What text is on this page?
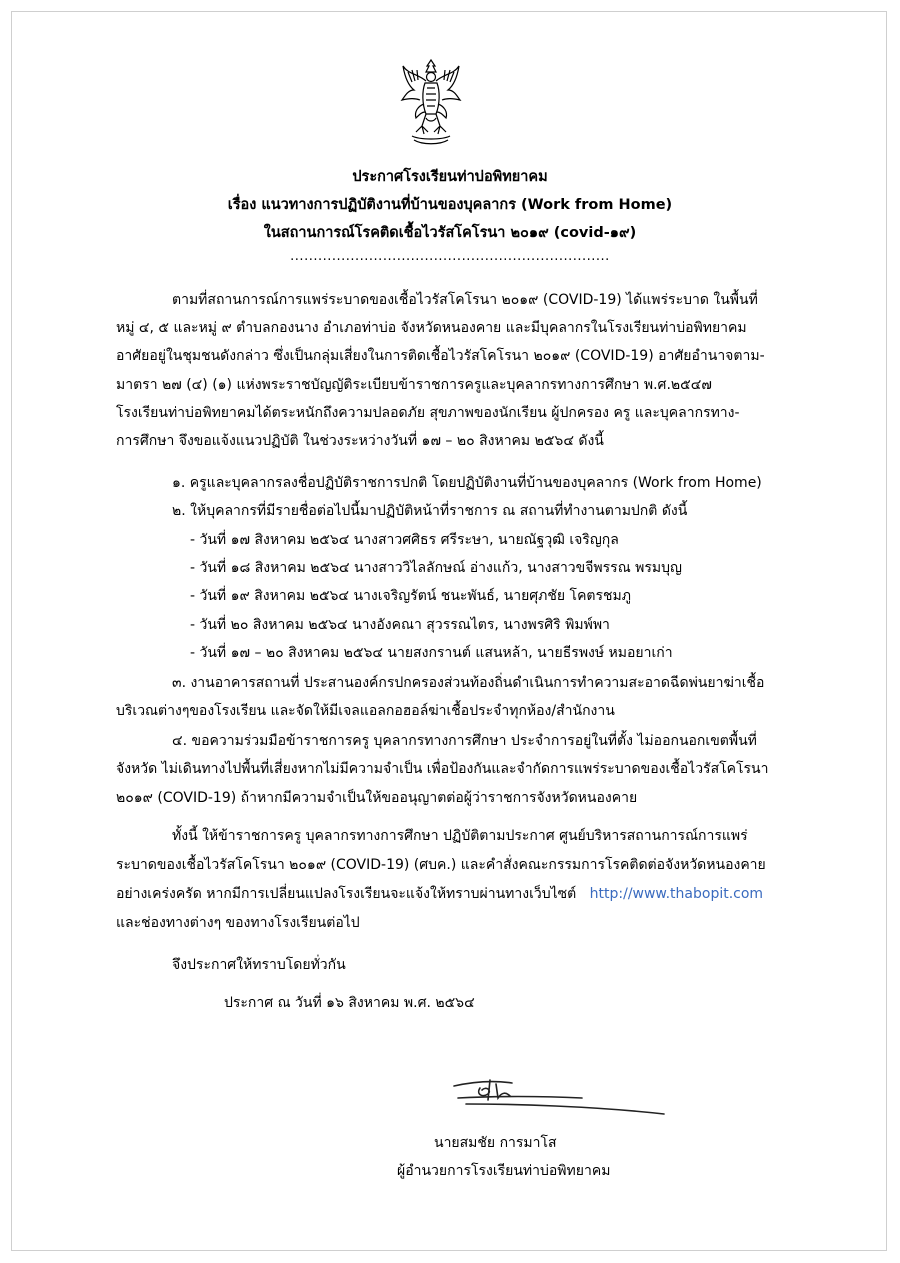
ประกาศโรงเรียนท่าบ่อพิทยาคม
เรื่อง แนวทางการปฏิบัติงานที่บ้านของบุคลากร (Work from Home)
ในสถานการณ์โรคติดเชื้อไวรัสโคโรนา ๒๐๑๙ (covid-๑๙)
.....................................................................
ตามที่สถานการณ์การแพร่ระบาดของเชื้อไวรัสโคโรนา ๒๐๑๙ (COVID-19) ได้แพร่ระบาด ในพื้นที่
หมู่ ๔, ๕ และหมู่ ๙ ตำบลกองนาง อำเภอท่าบ่อ จังหวัดหนองคาย และมีบุคลากรในโรงเรียนท่าบ่อพิทยาคม
อาศัยอยู่ในชุมชนดังกล่าว ซึ่งเป็นกลุ่มเสี่ยงในการติดเชื้อไวรัสโคโรนา ๒๐๑๙ (COVID-19) อาศัยอำนาจตาม-
มาตรา ๒๗ (๔) (๑) แห่งพระราชบัญญัติระเบียบข้าราชการครูและบุคลากรทางการศึกษา พ.ศ.๒๕๔๗
โรงเรียนท่าบ่อพิทยาคมได้ตระหนักถึงความปลอดภัย สุขภาพของนักเรียน ผู้ปกครอง ครู และบุคลากรทาง-
การศึกษา จึงขอแจ้งแนวปฏิบัติ ในช่วงระหว่างวันที่ ๑๗ – ๒๐ สิงหาคม ๒๕๖๔ ดังนี้
๑. ครูและบุคลากรลงชื่อปฏิบัติราชการปกติ โดยปฏิบัติงานที่บ้านของบุคลากร (Work from Home)
๒. ให้บุคลากรที่มีรายชื่อต่อไปนี้มาปฏิบัติหน้าที่ราชการ ณ สถานที่ทำงานตามปกติ ดังนี้
- วันที่ ๑๗ สิงหาคม ๒๕๖๔ นางสาวศศิธร ศรีระษา, นายณัฐวุฒิ เจริญกุล
- วันที่ ๑๘ สิงหาคม ๒๕๖๔ นางสาววิไลลักษณ์ อ่างแก้ว, นางสาวขจีพรรณ พรมบุญ
- วันที่ ๑๙ สิงหาคม ๒๕๖๔ นางเจริญรัตน์ ชนะพันธ์, นายศุภชัย โคตรชมภู
- วันที่ ๒๐ สิงหาคม ๒๕๖๔ นางอังคณา สุวรรณไตร, นางพรศิริ พิมพ์พา
- วันที่ ๑๗ – ๒๐ สิงหาคม ๒๕๖๔ นายสงกรานต์ แสนหล้า, นายธีรพงษ์ หมอยาเก่า
๓. งานอาคารสถานที่ ประสานองค์กรปกครองส่วนท้องถิ่นดำเนินการทำความสะอาดฉีดพ่นยาฆ่าเชื้อ
บริเวณต่างๆของโรงเรียน และจัดให้มีเจลแอลกอฮอล์ฆ่าเชื้อประจำทุกห้อง/สำนักงาน
๔. ขอความร่วมมือข้าราชการครู บุคลากรทางการศึกษา ประจำการอยู่ในที่ตั้ง ไม่ออกนอกเขตพื้นที่
จังหวัด ไม่เดินทางไปพื้นที่เสี่ยงหากไม่มีความจำเป็น เพื่อป้องกันและจำกัดการแพร่ระบาดของเชื้อไวรัสโคโรนา
๒๐๑๙ (COVID-19) ถ้าหากมีความจำเป็นให้ขออนุญาตต่อผู้ว่าราชการจังหวัดหนองคาย
ทั้งนี้ ให้ข้าราชการครู บุคลากรทางการศึกษา ปฏิบัติตามประกาศ ศูนย์บริหารสถานการณ์การแพร่
ระบาดของเชื้อไวรัสโคโรนา ๒๐๑๙ (COVID-19) (ศบค.) และคำสั่งคณะกรรมการโรคติดต่อจังหวัดหนองคาย
อย่างเคร่งครัด หากมีการเปลี่ยนแปลงโรงเรียนจะแจ้งให้ทราบผ่านทางเว็บไซต์ http://www.thabopit.com
และช่องทางต่างๆ ของทางโรงเรียนต่อไป
จึงประกาศให้ทราบโดยทั่วกัน
ประกาศ ณ วันที่ ๑๖ สิงหาคม พ.ศ. ๒๕๖๔
นายสมชัย การมาโส
ผู้อำนวยการโรงเรียนท่าบ่อพิทยาคม
